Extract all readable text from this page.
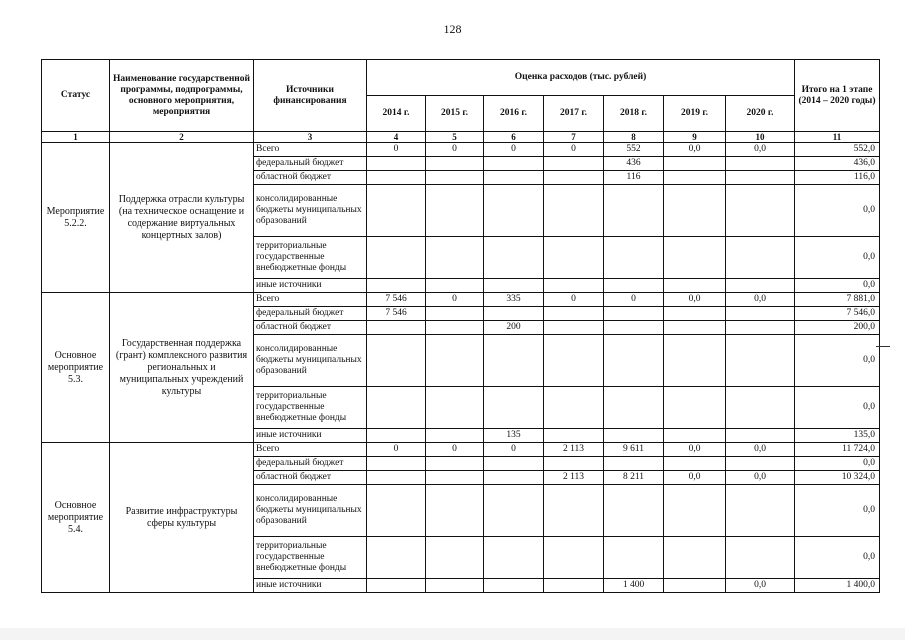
128
Статус	Наименование государственной программы, подпрограммы, основного мероприятия, мероприятия	Источники финансирования	Оценка расходов (тыс. рублей)							Итого на 1 этапе (2014 – 2020 годы)
			2014 г.	2015 г.	2016 г.	2017 г.	2018 г.	2019 г.	2020 г.	
1	2	3	4	5	6	7	8	9	10	11
Мероприятие 5.2.2.	Поддержка отрасли культуры (на техническое оснащение и содержание виртуальных концертных залов)	Всего	0	0	0	0	552	0,0	0,0	552,0
		федеральный бюджет					436			436,0
		областной бюджет					116			116,0
		консолидированные бюджеты муниципальных образований								0,0
		территориальные государственные внебюджетные фонды								0,0
		иные источники								0,0
Основное мероприятие 5.3.	Государственная поддержка (грант) комплексного развития региональных и муниципальных учреждений культуры	Всего	7 546	0	335	0	0	0,0	0,0	7 881,0
		федеральный бюджет	7 546							7 546,0
		областной бюджет			200					200,0
		консолидированные бюджеты муниципальных образований								0,0
		территориальные государственные внебюджетные фонды								0,0
		иные источники			135					135,0
Основное мероприятие 5.4.	Развитие инфраструктуры сферы культуры	Всего	0	0	0	2 113	9 611	0,0	0,0	11 724,0
		федеральный бюджет								0,0
		областной бюджет				2 113	8 211	0,0	0,0	10 324,0
		консолидированные бюджеты муниципальных образований								0,0
		территориальные государственные внебюджетные фонды								0,0
		иные источники					1 400		0,0	1 400,0
